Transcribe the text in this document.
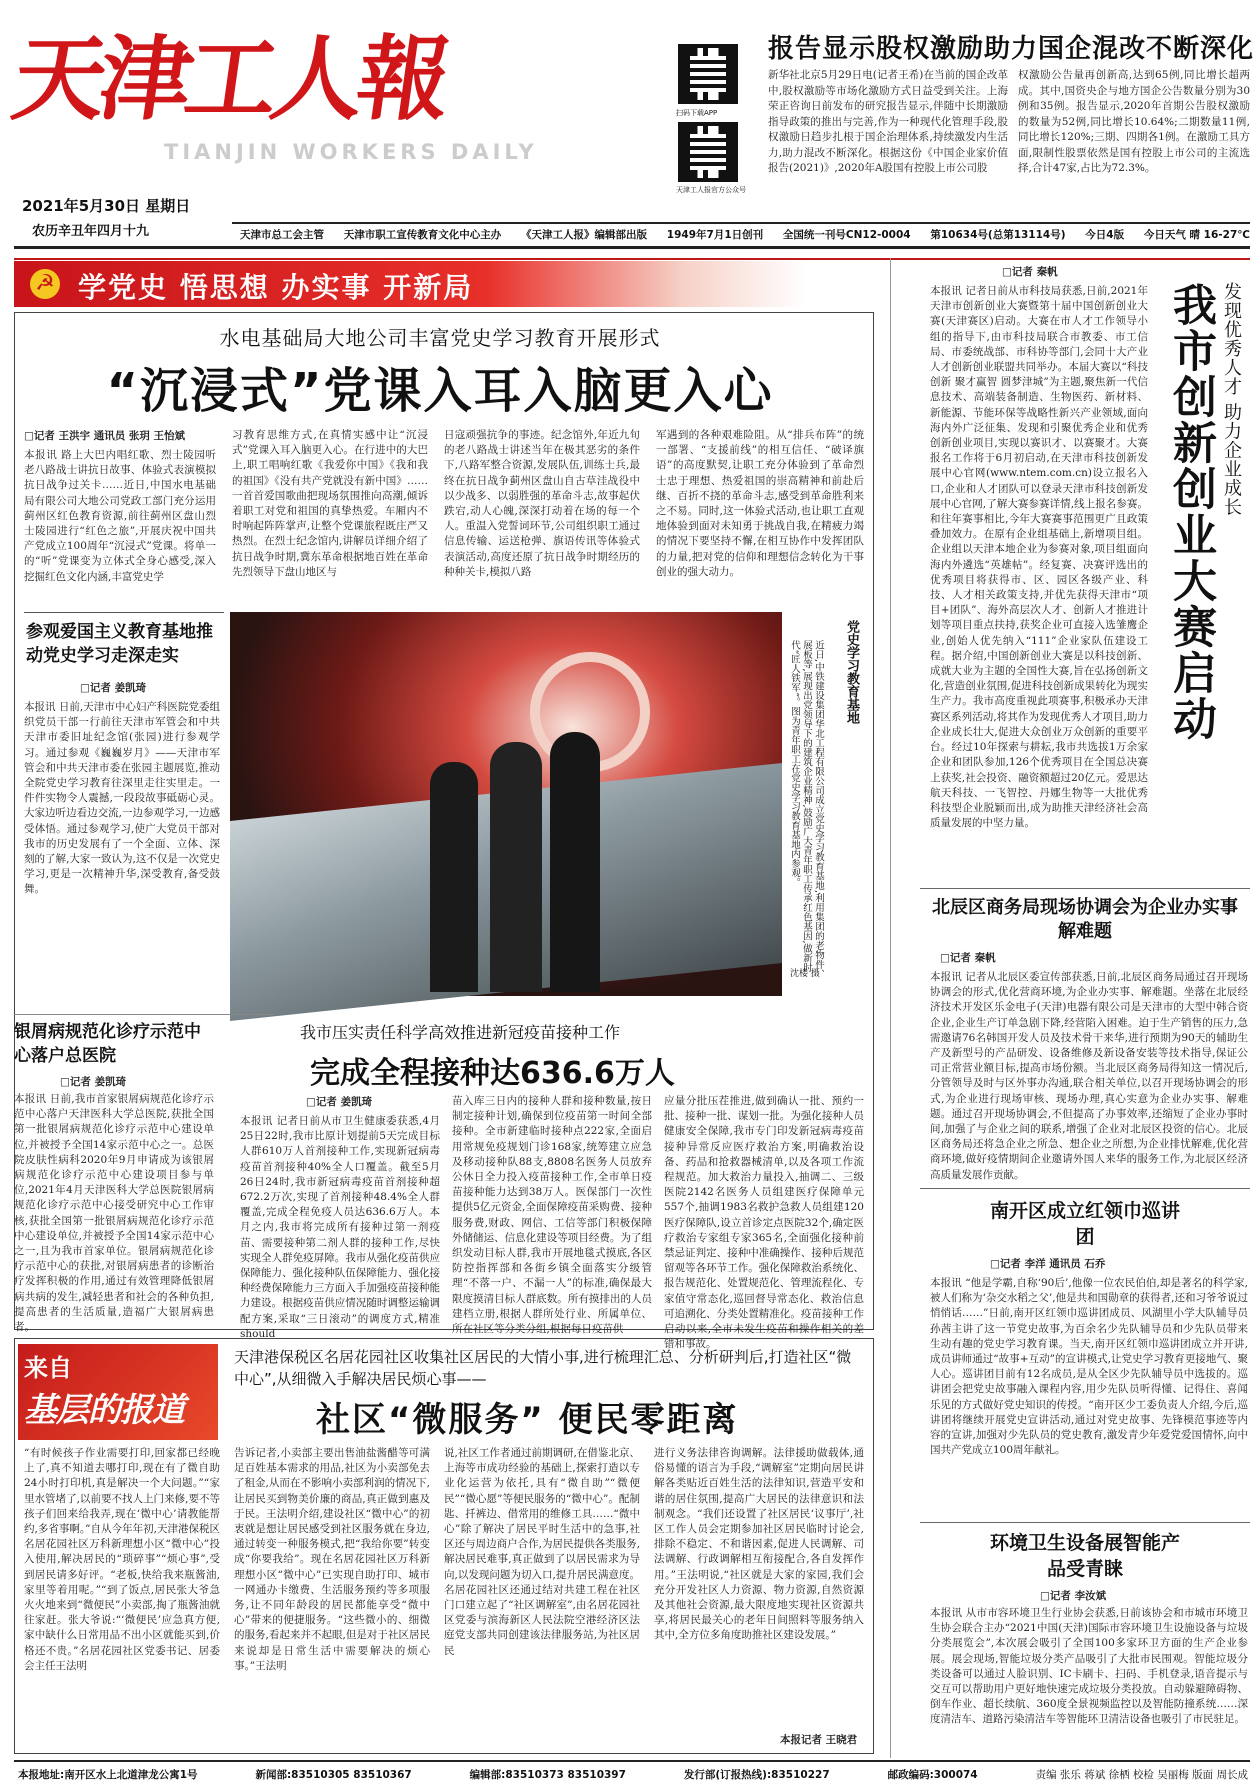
天津工人報
TIANJIN WORKERS DAILY
2021年5月30日 星期日
农历辛丑年四月十九
扫码下载APP
天津工人报官方公众号
报告显示股权激励助力国企混改不断深化
新华社北京5月29日电(记者王希)在当前的国企改革中,股权激励等市场化激励方式日益受到关注。上海荣正咨询日前发布的研究报告显示,伴随中长期激励指导政策的推出与完善,作为一种现代化管理手段,股权激励日趋步扎根于国企治理体系,持续激发内生活力,助力混改不断深化。根据这份《中国企业家价值报告(2021)》,2020年A股国有控股上市公司股
权激励公告量再创新高,达到65例,同比增长超两成。其中,国资央企与地方国企公告数量分别为30例和35例。报告显示,2020年首期公告股权激励的数量为52例,同比增长10.64%;二期数量11例,同比增长120%;三期、四期各1例。在激励工具方面,限制性股票依然是国有控股上市公司的主流选择,合计47家,占比为72.3%。
天津市总工会主管 天津市职工宣传教育文化中心主办 《天津工人报》编辑部出版 1949年7月1日创刊 全国统一刊号CN12-0004 第10634号(总第13114号) 今日4版 今日天气 晴 16-27℃
☭ 学党史 悟思想 办实事 开新局
水电基础局大地公司丰富党史学习教育开展形式
“沉浸式”党课入耳入脑更入心
□记者 王洪宇 通讯员 张玥 王怡斌
本报讯 路上大巴内唱红歌、烈士陵园听老八路战士讲抗日故事、体验式表演模拟抗日战争过关卡……近日,中国水电基础局有限公司大地公司党政工部门充分运用蓟州区红色教育资源,前往蓟州区盘山烈士陵园进行“红色之旅”,开展庆祝中国共产党成立100周年“沉浸式”党课。将单一的“听”党课变为立体式全身心感受,深入挖掘红色文化内涵,丰富党史学
习教育思维方式,在真情实感中让“沉浸式”党课入耳入脑更入心。在行进中的大巴上,职工唱响红歌《我爱你中国》《我和我的祖国》《没有共产党就没有新中国》……一首首爱国歌曲把现场氛围推向高潮,倾诉着职工对党和祖国的真挚热爱。车厢内不时响起阵阵掌声,让整个党课旅程既庄严又热烈。在烈士纪念馆内,讲解员详细介绍了抗日战争时期,冀东革命根据地百姓在革命先烈领导下盘山地区与
日寇顽强抗争的事迹。纪念馆外,年近九旬的老八路战士讲述当年在极其恶劣的条件下,八路军整合资源,发展队伍,训练士兵,最终在抗日战争蓟州区盘山自古草洼战役中以少战多、以弱胜强的革命斗志,故事起伏跌宕,动人心魄,深深打动着在场的每一个人。重温入党誓词环节,公司组织职工通过信息传输、运送枪弹、旗语传讯等体验式表演活动,高度还原了抗日战争时期经历的种种关卡,模拟八路
军遇到的各种艰难险阻。从“排兵布阵”的统一部署、“支援前线”的相互信任、“破译旗语”的高度默契,让职工充分体验到了革命烈士忠于理想、热爱祖国的崇高精神和前赴后继、百折不挠的革命斗志,感受到革命胜利来之不易。同时,这一体验式活动,也让职工直观地体验到面对未知勇于挑战自我,在精疲力竭的情况下要坚持不懈,在相互协作中发挥团队的力量,把对党的信仰和理想信念转化为干事创业的强大动力。
参观爱国主义教育基地推动党史学习走深走实
□记者 姜凯琦
本报讯 日前,天津市中心妇产科医院党委组织党员干部一行前往天津市军管会和中共天津市委旧址纪念馆(张园)进行参观学习。通过参观《巍巍岁月》——天津市军管会和中共天津市委在张园主题展览,推动全院党史学习教育往深里走往实里走。一件件实物令人震撼,一段段故事砥砺心灵。大家边听边看边交流,一边参观学习,一边感受体悟。通过参观学习,使广大党员干部对我市的历史发展有了一个全面、立体、深刻的了解,大家一致认为,这不仅是一次党史学习,更是一次精神升华,深受教育,备受鼓舞。
党史学习教育基地
近日,中铁建设集团华北工程有限公司成立党史学习教育基地,利用集团的老物件、展板等,展现出党领导下的建筑企业精神,鼓励广大青年职工传承红色基因,做新时代“匠人铁军”。图为青年职工在党史学习教育基地内参观。
沈楼 摄
银屑病规范化诊疗示范中心落户总医院
□记者 姜凯琦
本报讯 日前,我市首家银屑病规范化诊疗示范中心落户天津医科大学总医院,获批全国第一批银屑病规范化诊疗示范中心建设单位,并被授予全国14家示范中心之一。总医院皮肤性病科2020年9月申请成为该银屑病规范化诊疗示范中心建设项目参与单位,2021年4月天津医科大学总医院银屑病规范化诊疗示范中心接受研究中心工作审核,获批全国第一批银屑病规范化诊疗示范中心建设单位,并被授予全国14家示范中心之一,且为我市首家单位。银屑病规范化诊疗示范中心的获批,对银屑病患者的诊断治疗发挥积极的作用,通过有效管理降低银屑病共病的发生,减轻患者和社会的各种负担,提高患者的生活质量,造福广大银屑病患者。
我市压实责任科学高效推进新冠疫苗接种工作
完成全程接种达636.6万人
□记者 姜凯琦
本报讯 记者日前从市卫生健康委获悉,4月25日22时,我市比原计划提前5天完成目标人群610万人首剂接种工作,实现新冠病毒疫苗首剂接种40%全人口覆盖。截至5月26日24时,我市新冠病毒疫苗首剂接种超672.2万次,实现了首剂接种48.4%全人群覆盖,完成全程免疫人员达636.6万人。本月之内,我市将完成所有接种过第一剂疫苗、需要接种第二剂人群的接种工作,尽快实现全人群免疫屏障。我市从强化疫苗供应保障能力、强化接种队伍保障能力、强化接种经费保障能力三方面入手加强疫苗接种能力建设。根据疫苗供应情况随时调整运输调配方案,采取“三日滚动”的调度方式,精准should
苗入库三日内的接种人群和接种数量,按日制定接种计划,确保到位疫苗第一时间全部接种。全市新建临时接种点222家,全面启用常规免疫规划门诊168家,统筹建立应急及移动接种队88支,8808名医务人员放弃公休日全力投入疫苗接种工作,全市单日疫苗接种能力达到38万人。医保部门一次性提供5亿元资金,全面保障疫苗采购费、接种服务费,财政、网信、工信等部门积极保障外储储运、信息化建设等项目经费。为了组织发动目标人群,我市开展地毯式摸底,各区防控指挥部和各街乡镇全面落实分级管理“不落一户、不漏一人”的标准,确保最大限度摸清目标人群底数。所有摸排出的人员建档立册,根据人群所处行业、所属单位、所在社区等分类分组,根据每日疫苗供
应量分批压茬推进,做到确认一批、预约一批、接种一批、谋划一批。为强化接种人员健康安全保障,我市专门印发新冠病毒疫苗接种异常反应医疗救治方案,明确救治设备、药品和抢救器械清单,以及各项工作流程规范。加大救治力量投入,抽调二、三级医院2142名医务人员组建医疗保障单元557个,抽调1983名救护急救人员组建120医疗保障队,设立首诊定点医院32个,确定医疗救治专家组专家365名,全面强化接种前禁忌证判定、接种中准确操作、接种后规范留观等各环节工作。强化保障救治系统化、报告规范化、处置规范化、管理流程化、专家值守常态化,巡回督导常态化、救治信息可追溯化、分类处置精准化。疫苗接种工作启动以来,全市未发生疫苗和操作相关的差错和事故。
来自
基层的报道
天津港保税区名居花园社区收集社区居民的大情小事,进行梳理汇总、分析研判后,打造社区“微中心”,从细微入手解决居民烦心事——
社区“微服务” 便民零距离
“有时候孩子作业需要打印,回家都已经晚上了,真不知道去哪打印,现在有了微自助24小时打印机,真是解决一个大问题。”“家里水管堵了,以前要不找人上门来修,要不等孩子们回来给我弄,现在‘微中心’请教能帮约,多省事啊。”自从今年年初,天津港保税区名居花园社区万科新理想小区“微中心”投入使用,解决居民的“琐碎事”“烦心事”,受到居民请多好评。“老板,快给我来瓶酱油,家里等着用呢。”“到了饭点,居民张大爷急火火地来到“微便民”小卖部,掏了瓶酱油就往家赶。张大爷说:“‘微便民’应急真方便,家中缺什么日常用品不出小区就能买到,价格还不贵。”名居花园社区党委书记、居委会主任王法明
告诉记者,小卖部主要出售油盐酱醋等可满足百姓基本需求的用品,社区为小卖部免去了租金,从而在不影响小卖部利润的情况下,让居民买到物美价廉的商品,真正做到惠及于民。王法明介绍,建设社区“微中心”的初衷就是想让居民感受到社区服务就在身边,通过转变一种服务模式,把“我给你要”转变成“你要我给”。现在名居花园社区万科新理想小区“微中心”已实现自助打印、城市一网通办卡缴费、生活服务预约等多项服务,让不同年龄段的居民都能享受“微中心”带来的便捷服务。“这些微小的、细微的服务,看起来并不起眼,但是对于社区居民来说却是日常生活中需要解决的烦心事。”王法明
说,社区工作者通过前期调研,在借鉴北京、上海等市成功经验的基础上,探索打造以专业化运营为依托,具有“微自助”“微便民”“微心愿”等便民服务的“微中心”。配制匙、扦裤边、借常用的维修工具……“微中心”除了解决了居民平时生活中的急事,社区还与周边商户合作,为居民提供各类服务,解决居民难事,真正做到了以居民需求为导向,以发现问题为切入口,提升居民满意度。名居花园社区还通过结对共建工程在社区门口建立起了“社区调解室”,由名居花园社区党委与滨海新区人民法院空港经济区法庭党支部共同创建该法律服务站,为社区居民
进行义务法律咨询调解。法律援助做载体,通俗易懂的语言为手段,“调解室”定期向居民讲解各类贴近百姓生活的法律知识,营造平安和谐的居住氛围,提高广大居民的法律意识和法制观念。“我们还设置了社区居民‘议事厅’,社区工作人员会定期参加社区居民临时讨论会,排除不稳定、不和谐因素,促进人民调解、司法调解、行政调解相互衔接配合,各自发挥作用。”王法明说,“社区就是大家的家园,我们会充分开发社区人力资源、物力资源,自然资源及其他社会资源,最大限度地实现社区资源共享,将居民最关心的老年日间照料等服务纳入其中,全方位多角度助推社区建设发展。”
本报记者 王晓君
□记者 秦帆
发现优秀人才 助力企业成长
我市创新创业大赛启动
本报讯 记者日前从市科技局获悉,日前,2021年天津市创新创业大赛暨第十届中国创新创业大赛(天津赛区)启动。大赛在市人才工作领导小组的指导下,由市科技局联合市教委、市工信局、市委统战部、市科协等部门,会同十大产业人才创新创业联盟共同举办。本届大赛以“科技创新 聚才赢智 圆梦津城”为主题,聚焦新一代信息技术、高端装备制造、生物医药、新材料、新能源、节能环保等战略性新兴产业领域,面向海内外广泛征集、发现和引聚优秀企业和优秀创新创业项目,实现以赛识才、以赛聚才。大赛报名工作将于6月初启动,在天津市科技创新发展中心官网(www.ntem.com.cn)设立报名入口,企业和人才团队可以登录天津市科技创新发展中心官网,了解大赛参赛详情,线上报名参赛。和往年赛事相比,今年大赛赛事范围更广且政策叠加效力。在原有企业组基础上,新增项目组。企业组以天津本地企业为参赛对象,项目组面向海内外遴选“英雄帖”。经复赛、决赛评选出的优秀项目将获得市、区、园区各级产业、科技、人才相关政策支持,并优先获得天津市“项目+团队”、海外高层次人才、创新人才推进计划等项目重点扶持,获奖企业可直接入选雏鹰企业,创始人优先纳入“111”企业家队伍建设工程。据介绍,中国创新创业大赛是以科技创新、成就大业为主题的全国性大赛,旨在弘扬创新文化,营造创业氛围,促进科技创新成果转化为现实生产力。我市高度重视此项赛事,积极承办天津赛区系列活动,将其作为发现优秀人才项目,助力企业成长壮大,促进大众创业万众创新的重要平台。经过10年探索与耕耘,我市共选拔1万余家企业和团队参加,126个优秀项目在全国总决赛上获奖,社会投资、融资额超过20亿元。爱思达航天科技、一飞智控、丹娜生物等一大批优秀科技型企业脱颖而出,成为助推天津经济社会高质量发展的中坚力量。
北辰区商务局现场协调会为企业办实事解难题
□记者 秦帆
本报讯 记者从北辰区委宣传部获悉,日前,北辰区商务局通过召开现场协调会的形式,优化营商环境,为企业办实事、解难题。坐落在北辰经济技术开发区乐金电子(天津)电器有限公司是天津市的大型中韩合资企业,企业生产订单急剧下降,经营陷入困难。迫于生产销售的压力,急需邀请76名韩国开发人员及技术骨干来华,进行预期为90天的辅助生产及新型号的产品研发、设备维修及新设备安装等技术指导,保证公司正常营业额目标,提高市场份额。当北辰区商务局得知这一情况后,分管领导及时与区外事办沟通,联合相关单位,以召开现场协调会的形式,为企业进行现场审核、现场办理,真心实意为企业办实事、解难题。通过召开现场协调会,不但提高了办事效率,还缩短了企业办事时间,加强了与企业之间的联系,增强了企业对北辰区投资的信心。北辰区商务局还将急企业之所急、想企业之所想,为企业排忧解难,优化营商环境,做好疫情期间企业邀请外国人来华的服务工作,为北辰区经济高质量发展作贡献。
南开区成立红领巾巡讲团
□记者 李洋 通讯员 石乔
本报讯 “他是学霸,自称‘90后’,他像一位农民伯伯,却是著名的科学家,被人们称为‘杂交水稻之父’,他是共和国勋章的获得者,还和习爷爷说过悄悄话……”日前,南开区红领巾巡讲团成员、风湖里小学大队辅导员孙茜主讲了这一节党史故事,为百余名少先队辅导员和少先队员带来生动有趣的党史学习教育课。当天,南开区红领巾巡讲团成立并开讲,成员讲师通过“故事+互动”的宣讲模式,让党史学习教育更接地气、聚人心。巡讲团目前有12名成员,是从全区少先队辅导员中选拔的。巡讲团会把党史故事融入课程内容,用少先队员听得懂、记得住、喜闻乐见的方式做好党史知识的传授。“南开区少工委负责人介绍,今后,巡讲团将继续开展党史宣讲活动,通过对党史故事、先锋模范事迹等内容的宣讲,加强对少先队员的党史教育,激发青少年爱党爱国情怀,向中国共产党成立100周年献礼。
环境卫生设备展智能产品受青睐
□记者 李汝斌
本报讯 从市市容环境卫生行业协会获悉,日前该协会和市城市环境卫生协会联合主办“2021中国(天津)国际市容环境卫生设施设备与垃圾分类展览会”,本次展会吸引了全国100多家环卫方面的生产企业参展。展会现场,智能垃圾分类产品吸引了大批市民围观。智能垃圾分类设备可以通过人脸识别、IC卡刷卡、扫码、手机登录,语音提示与交互可以帮助用户更好地快速完成垃圾分类投放。自动躲避障碍物、倒车作业、超长续航、360度全景视频监控以及智能防撞系统……深度清洁车、道路污染清洁车等智能环卫清洁设备也吸引了市民驻足。
本报地址:南开区水上北道津龙公寓1号	新闻部:83510305 83510367	编辑部:83510373 83510397	发行部(订报热线):83510227	邮政编码:300074	责编 张乐 蒋斌 徐栖 校检 吴丽梅 版面 周长成
